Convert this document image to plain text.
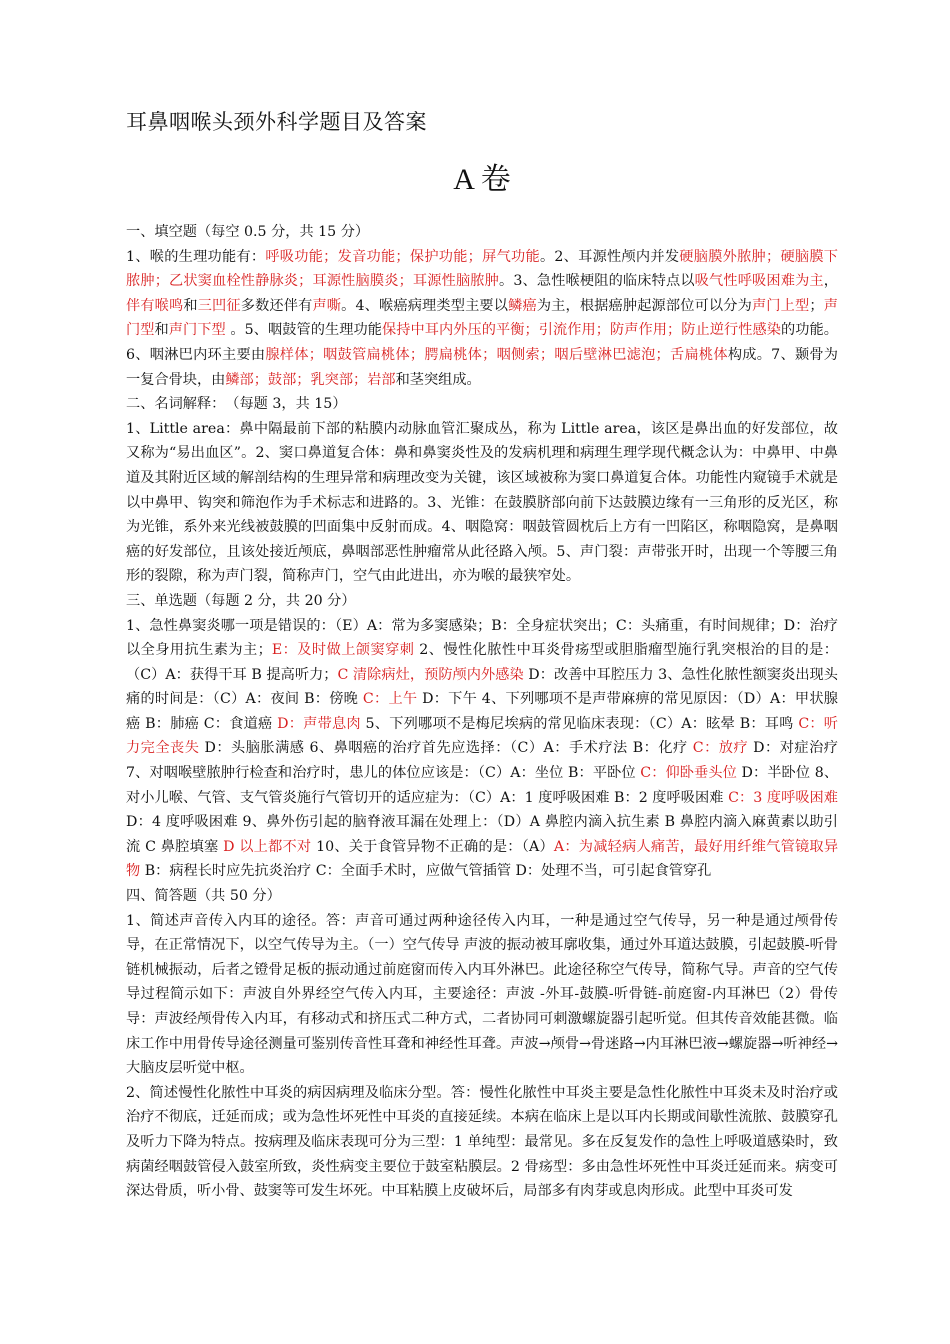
耳鼻咽喉头颈外科学题目及答案
A 卷
一、填空题（每空 0.5 分，共 15 分）
1、喉的生理功能有：呼吸功能；发音功能；保护功能；屏气功能。2、耳源性颅内并发硬脑膜外脓肿；硬脑膜下脓肿；乙状窦血栓性静脉炎；耳源性脑膜炎；耳源性脑脓肿。3、急性喉梗阻的临床特点以吸气性呼吸困难为主，伴有喉鸣和三凹征多数还伴有声嘶。4、喉癌病理类型主要以鳞癌为主，根据癌肿起源部位可以分为声门上型；声门型和声门下型 。5、咽鼓管的生理功能保持中耳内外压的平衡；引流作用；防声作用；防止逆行性感染的功能。6、咽淋巴内环主要由腺样体；咽鼓管扁桃体；腭扁桃体；咽侧索；咽后壁淋巴滤泡；舌扁桃体构成。7、颞骨为一复合骨块，由鳞部；鼓部；乳突部；岩部和茎突组成。
二、名词解释：　（每题 3，共 15）
1、Little area：鼻中隔最前下部的粘膜内动脉血管汇聚成丛，称为 Little area，该区是鼻出血的好发部位，故又称为“易出血区”。2、窦口鼻道复合体：鼻和鼻窦炎性及的发病机理和病理生理学现代概念认为：中鼻甲、中鼻道及其附近区域的解剖结构的生理异常和病理改变为关键，该区域被称为窦口鼻道复合体。功能性内窥镜手术就是以中鼻甲、钩突和筛泡作为手术标志和进路的。3、光锥：在鼓膜脐部向前下达鼓膜边缘有一三角形的反光区，称为光锥，系外来光线被鼓膜的凹面集中反射而成。4、咽隐窝：咽鼓管圆枕后上方有一凹陷区，称咽隐窝，是鼻咽癌的好发部位，且该处接近颅底，鼻咽部恶性肿瘤常从此径路入颅。5、声门裂：声带张开时，出现一个等腰三角形的裂隙，称为声门裂，简称声门，空气由此进出，亦为喉的最狭窄处。
三、单选题（每题 2 分，共 20 分）
1、急性鼻窦炎哪一项是错误的：（E）A：常为多窦感染；B：全身症状突出；C：头痛重，有时间规律；D：治疗以全身用抗生素为主；E：及时做上颌窦穿刺 2、慢性化脓性中耳炎骨疡型或胆脂瘤型施行乳突根治的目的是：（C）A：获得干耳 B 提高听力；C 清除病灶，预防颅内外感染 D：改善中耳腔压力 3、急性化脓性额窦炎出现头痛的时间是：（C）A：夜间 B：傍晚 C：上午 D：下午 4、下列哪项不是声带麻痹的常见原因：（D）A：甲状腺癌 B：肺癌 C：食道癌 D：声带息肉 5、下列哪项不是梅尼埃病的常见临床表现：（C）A：眩晕 B：耳鸣 C：听力完全丧失 D：头脑胀满感 6、鼻咽癌的治疗首先应选择：（C）A：手术疗法 B：化疗 C：放疗 D：对症治疗 7、对咽喉壁脓肿行检查和治疗时，患儿的体位应该是：（C）A：坐位 B：平卧位 C：仰卧垂头位 D：半卧位 8、对小儿喉、气管、支气管炎施行气管切开的适应症为：（C）A：1 度呼吸困难 B：2 度呼吸困难 C：3 度呼吸困难 D：4 度呼吸困难 9、鼻外伤引起的脑脊液耳漏在处理上：（D）A 鼻腔内滴入抗生素 B 鼻腔内滴入麻黄素以助引流 C 鼻腔填塞 D 以上都不对 10、关于食管异物不正确的是：（A）A：为减轻病人痛苦，最好用纤维气管镜取异物 B：病程长时应先抗炎治疗 C：全面手术时，应做气管插管 D：处理不当，可引起食管穿孔
四、简答题（共 50 分）
1、简述声音传入内耳的途径。答：声音可通过两种途径传入内耳，一种是通过空气传导，另一种是通过颅骨传导，在正常情况下，以空气传导为主。（一）空气传导 声波的振动被耳廓收集，通过外耳道达鼓膜，引起鼓膜-听骨链机械振动，后者之镫骨足板的振动通过前庭窗而传入内耳外淋巴。此途径称空气传导，简称气导。声音的空气传导过程简示如下：声波自外界经空气传入内耳，主要途径：声波 -外耳-鼓膜-听骨链-前庭窗-内耳淋巴（2）骨传导：声波经颅骨传入内耳，有移动式和挤压式二种方式，二者协同可刺激螺旋器引起听觉。但其传音效能甚微。临床工作中用骨传导途径测量可鉴别传音性耳聋和神经性耳聋。声波→颅骨→骨迷路→内耳淋巴液→螺旋器→听神经→大脑皮层听觉中枢。
2、简述慢性化脓性中耳炎的病因病理及临床分型。答：慢性化脓性中耳炎主要是急性化脓性中耳炎未及时治疗或治疗不彻底，迁延而成；或为急性坏死性中耳炎的直接延续。本病在临床上是以耳内长期或间歇性流脓、鼓膜穿孔及听力下降为特点。按病理及临床表现可分为三型：1 单纯型：最常见。多在反复发作的急性上呼吸道感染时，致病菌经咽鼓管侵入鼓室所致，炎性病变主要位于鼓室粘膜层。2 骨疡型：多由急性坏死性中耳炎迁延而来。病变可深达骨质，听小骨、鼓窦等可发生坏死。中耳粘膜上皮破坏后，局部多有肉芽或息肉形成。此型中耳炎可发
